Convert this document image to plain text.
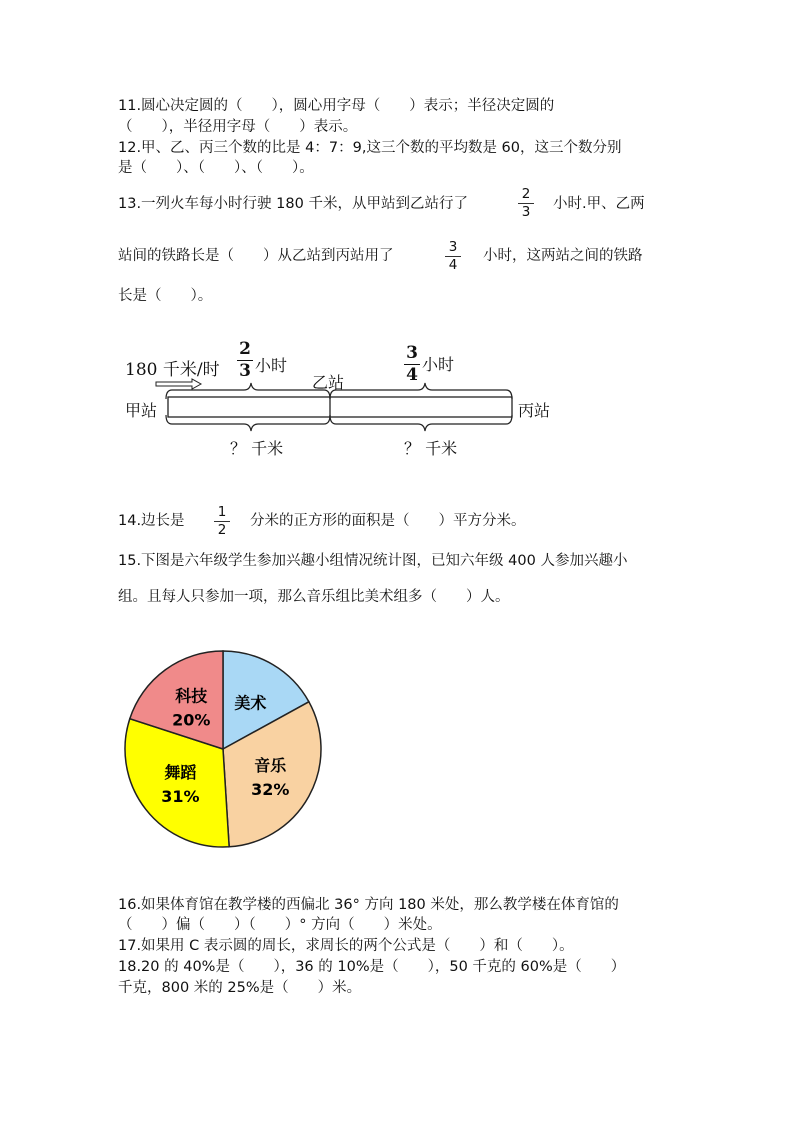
11.圆心决定圆的（　　），圆心用字母（　　）表示；半径决定圆的
（　　），半径用字母（　　）表示。
12.甲、乙、丙三个数的比是 4：7：9,这三个数的平均数是 60，这三个数分别
是（　　）、（　　）、（　　）。
13.一列火车每小时行驶 180 千米，从甲站到乙站行了
2
3 小时.甲、乙两
站间的铁路长是（　　）从乙站到丙站用了
3
4
小时，这两站之间的铁路
长是（　　）。
180 千米/时
甲站
乙站
丙站
2
3 小时
3
4
小时
？ 千米	？ 千米
14.边长是
1
2
分米的正方形的面积是（　　）平方分米。
15.下图是六年级学生参加兴趣小组情况统计图，已知六年级 400 人参加兴趣小
组。且每人只参加一项，那么音乐组比美术组多（　　）人。
美术
音乐
32%
舞蹈
31%
科技
20%
16.如果体育馆在教学楼的西偏北 36° 方向 180 米处，那么教学楼在体育馆的
（　　）偏（　　）（　　）° 方向（　　）米处。
17.如果用 C 表示圆的周长，求周长的两个公式是（　　）和（　　）。
18.20 的 40%是（　　），36 的 10%是（　　），50 千克的 60%是（　　）
千克，800 米的 25%是（　　）米。
